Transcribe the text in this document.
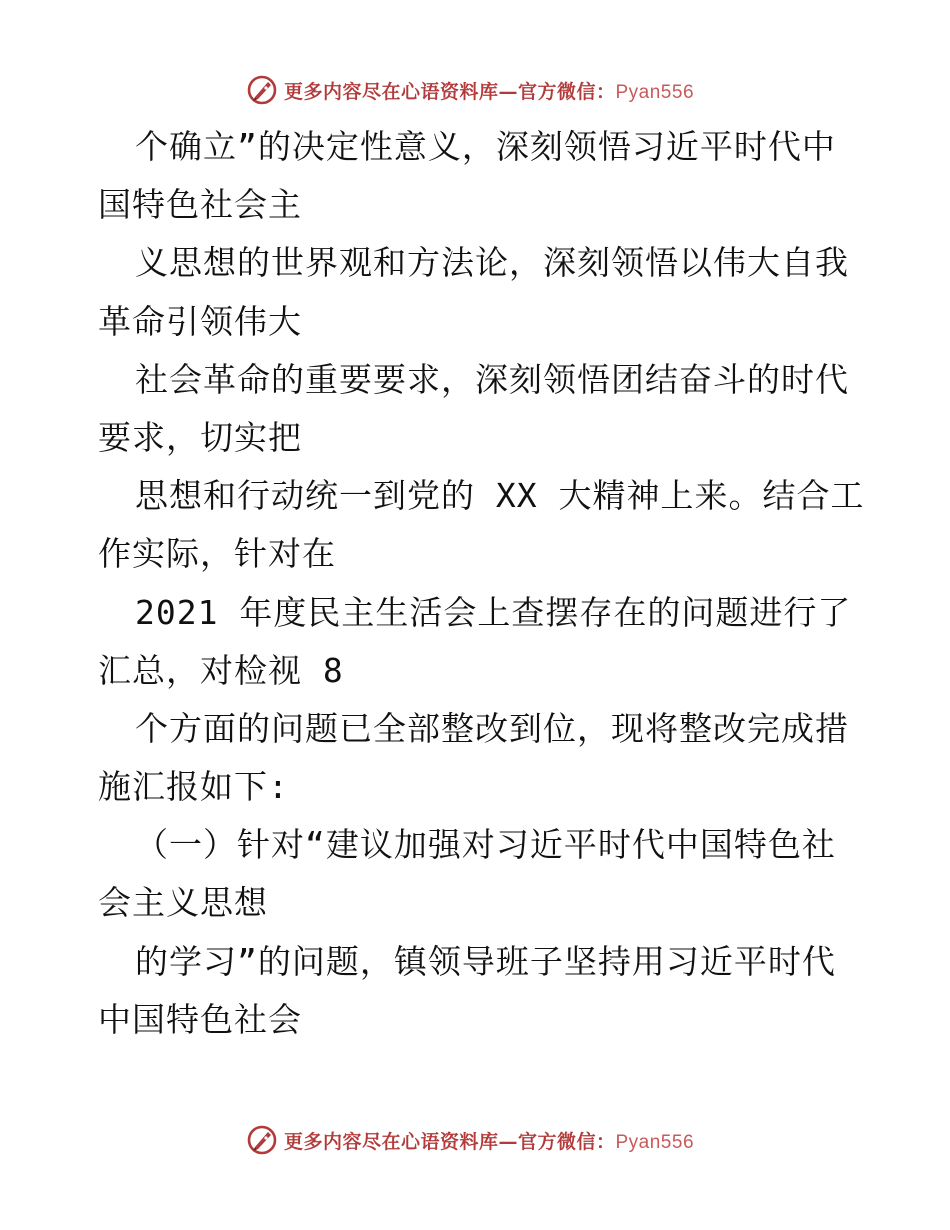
更多内容尽在心语资料库—官方微信：Pyan556
个确立”的决定性意义，深刻领悟习近平时代中
国特色社会主
义思想的世界观和方法论，深刻领悟以伟大自我
革命引领伟大
社会革命的重要要求，深刻领悟团结奋斗的时代
要求，切实把
思想和行动统一到党的 XX 大精神上来。结合工
作实际，针对在
2021 年度民主生活会上查摆存在的问题进行了
汇总，对检视 8
个方面的问题已全部整改到位，现将整改完成措
施汇报如下:
（一）针对“建议加强对习近平时代中国特色社
会主义思想
的学习”的问题，镇领导班子坚持用习近平时代
中国特色社会
更多内容尽在心语资料库—官方微信：Pyan556
